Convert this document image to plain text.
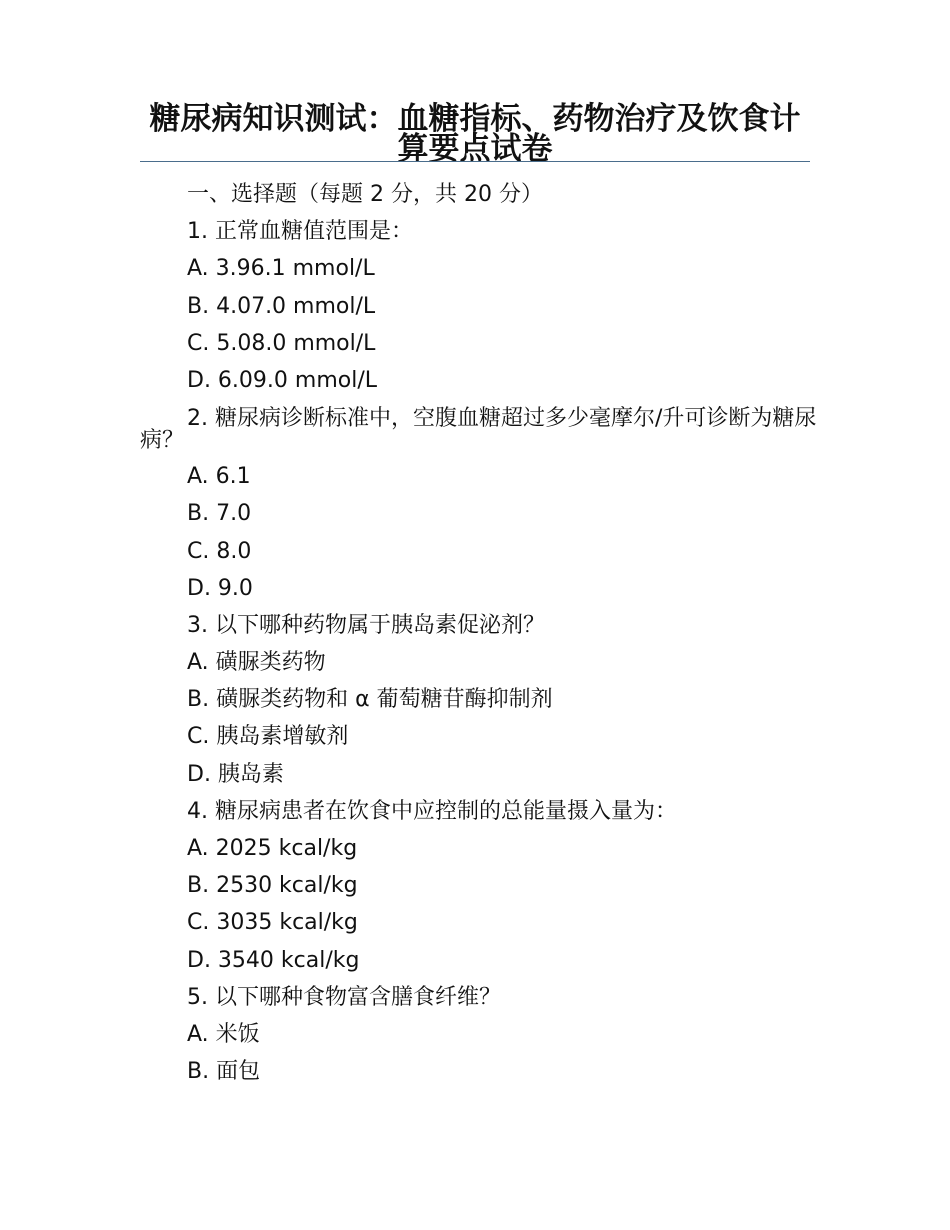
糖尿病知识测试：血糖指标、药物治疗及饮食计算要点试卷
一、选择题（每题 2 分，共 20 分）
1. 正常血糖值范围是：
A. 3.96.1 mmol/L
B. 4.07.0 mmol/L
C. 5.08.0 mmol/L
D. 6.09.0 mmol/L
2. 糖尿病诊断标准中，空腹血糖超过多少毫摩尔/升可诊断为糖尿病？
A. 6.1
B. 7.0
C. 8.0
D. 9.0
3. 以下哪种药物属于胰岛素促泌剂？
A. 磺脲类药物
B. 磺脲类药物和 α 葡萄糖苷酶抑制剂
C. 胰岛素增敏剂
D. 胰岛素
4. 糖尿病患者在饮食中应控制的总能量摄入量为：
A. 2025 kcal/kg
B. 2530 kcal/kg
C. 3035 kcal/kg
D. 3540 kcal/kg
5. 以下哪种食物富含膳食纤维？
A. 米饭
B. 面包
